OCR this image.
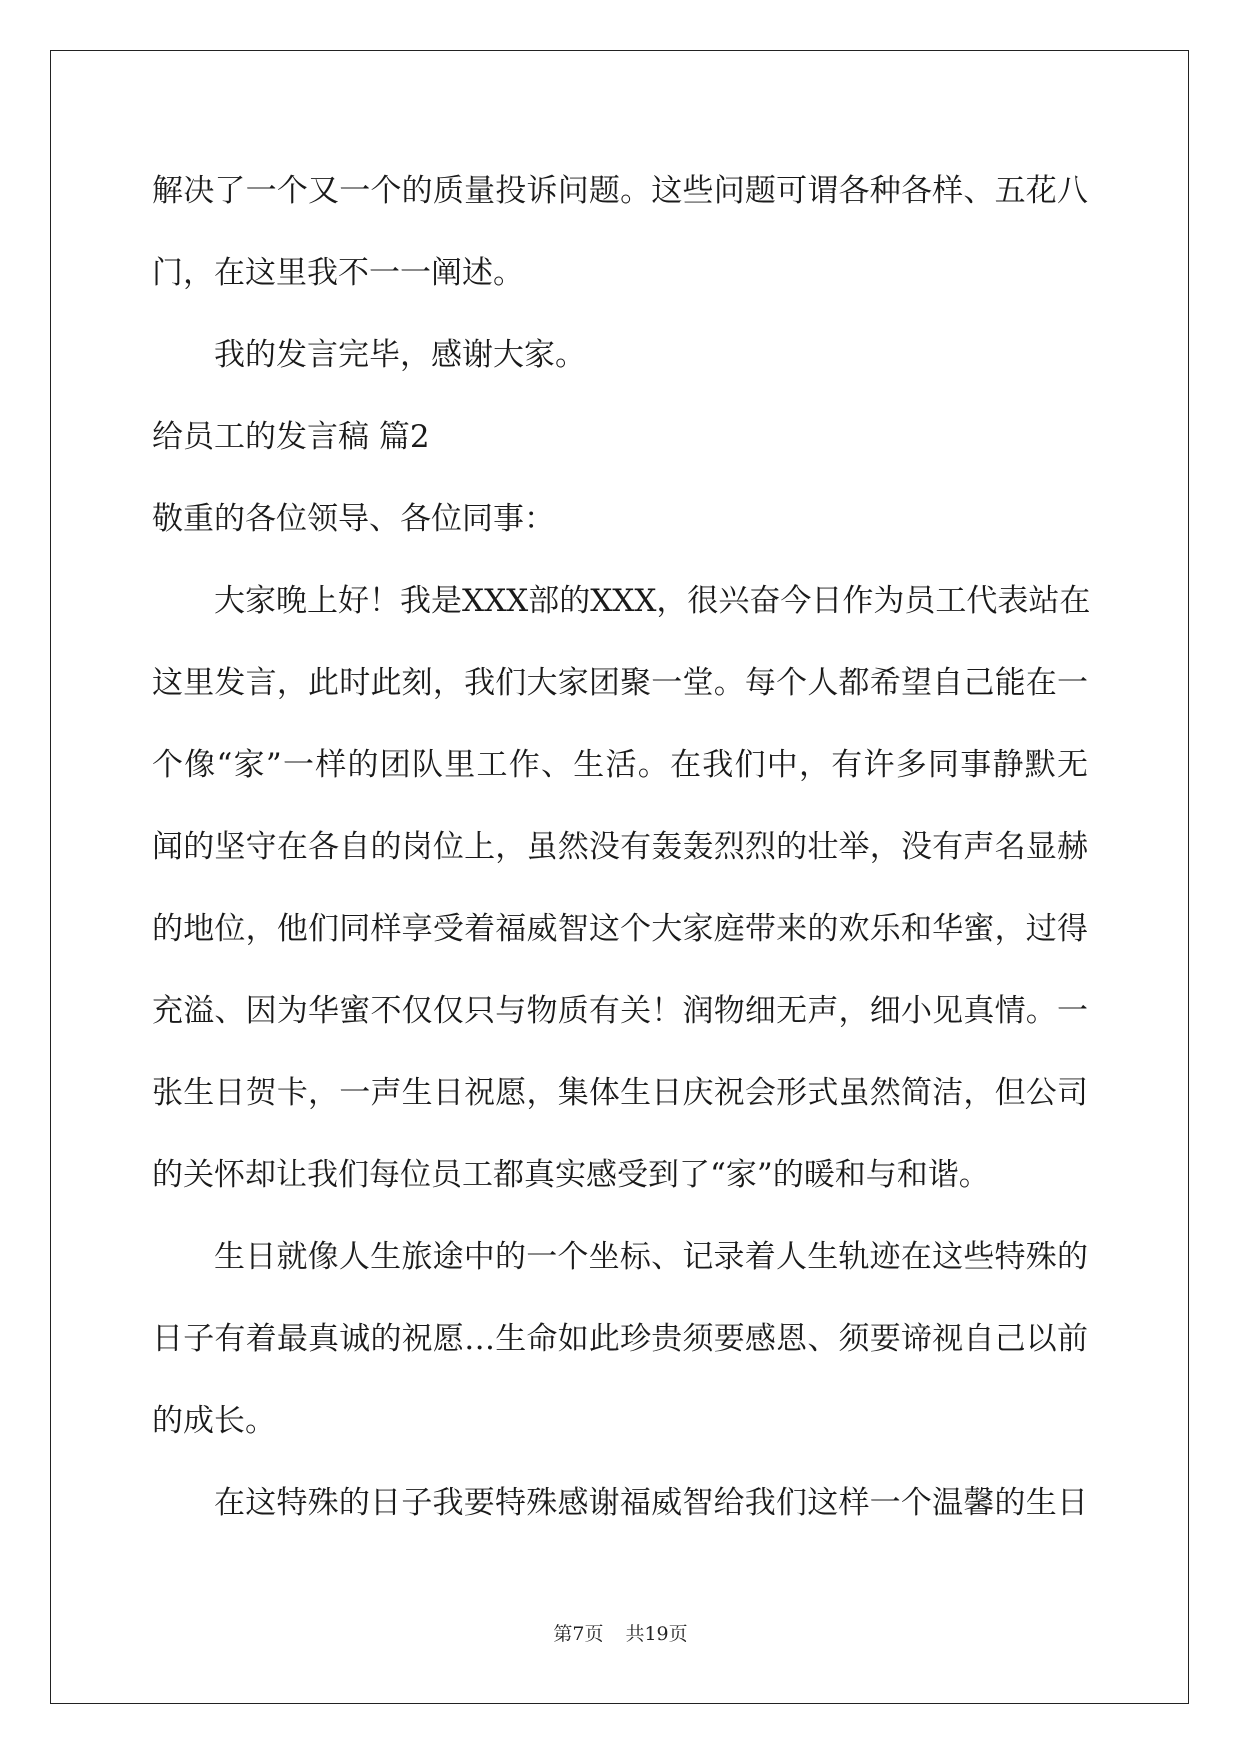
解决了一个又一个的质量投诉问题。这些问题可谓各种各样、五花八
门，在这里我不一一阐述。
我的发言完毕，感谢大家。
给员工的发言稿 篇2
敬重的各位领导、各位同事：
大家晚上好！我是XXX部的XXX，很兴奋今日作为员工代表站在
这里发言，此时此刻，我们大家团聚一堂。每个人都希望自己能在一
个像“家”一样的团队里工作、生活。在我们中，有许多同事静默无
闻的坚守在各自的岗位上，虽然没有轰轰烈烈的壮举，没有声名显赫
的地位，他们同样享受着福威智这个大家庭带来的欢乐和华蜜，过得
充溢、因为华蜜不仅仅只与物质有关！润物细无声，细小见真情。一
张生日贺卡，一声生日祝愿，集体生日庆祝会形式虽然简洁，但公司
的关怀却让我们每位员工都真实感受到了“家”的暖和与和谐。
生日就像人生旅途中的一个坐标、记录着人生轨迹在这些特殊的
日子有着最真诚的祝愿…生命如此珍贵须要感恩、须要谛视自己以前
的成长。
在这特殊的日子我要特殊感谢福威智给我们这样一个温馨的生日
第7页 共19页
